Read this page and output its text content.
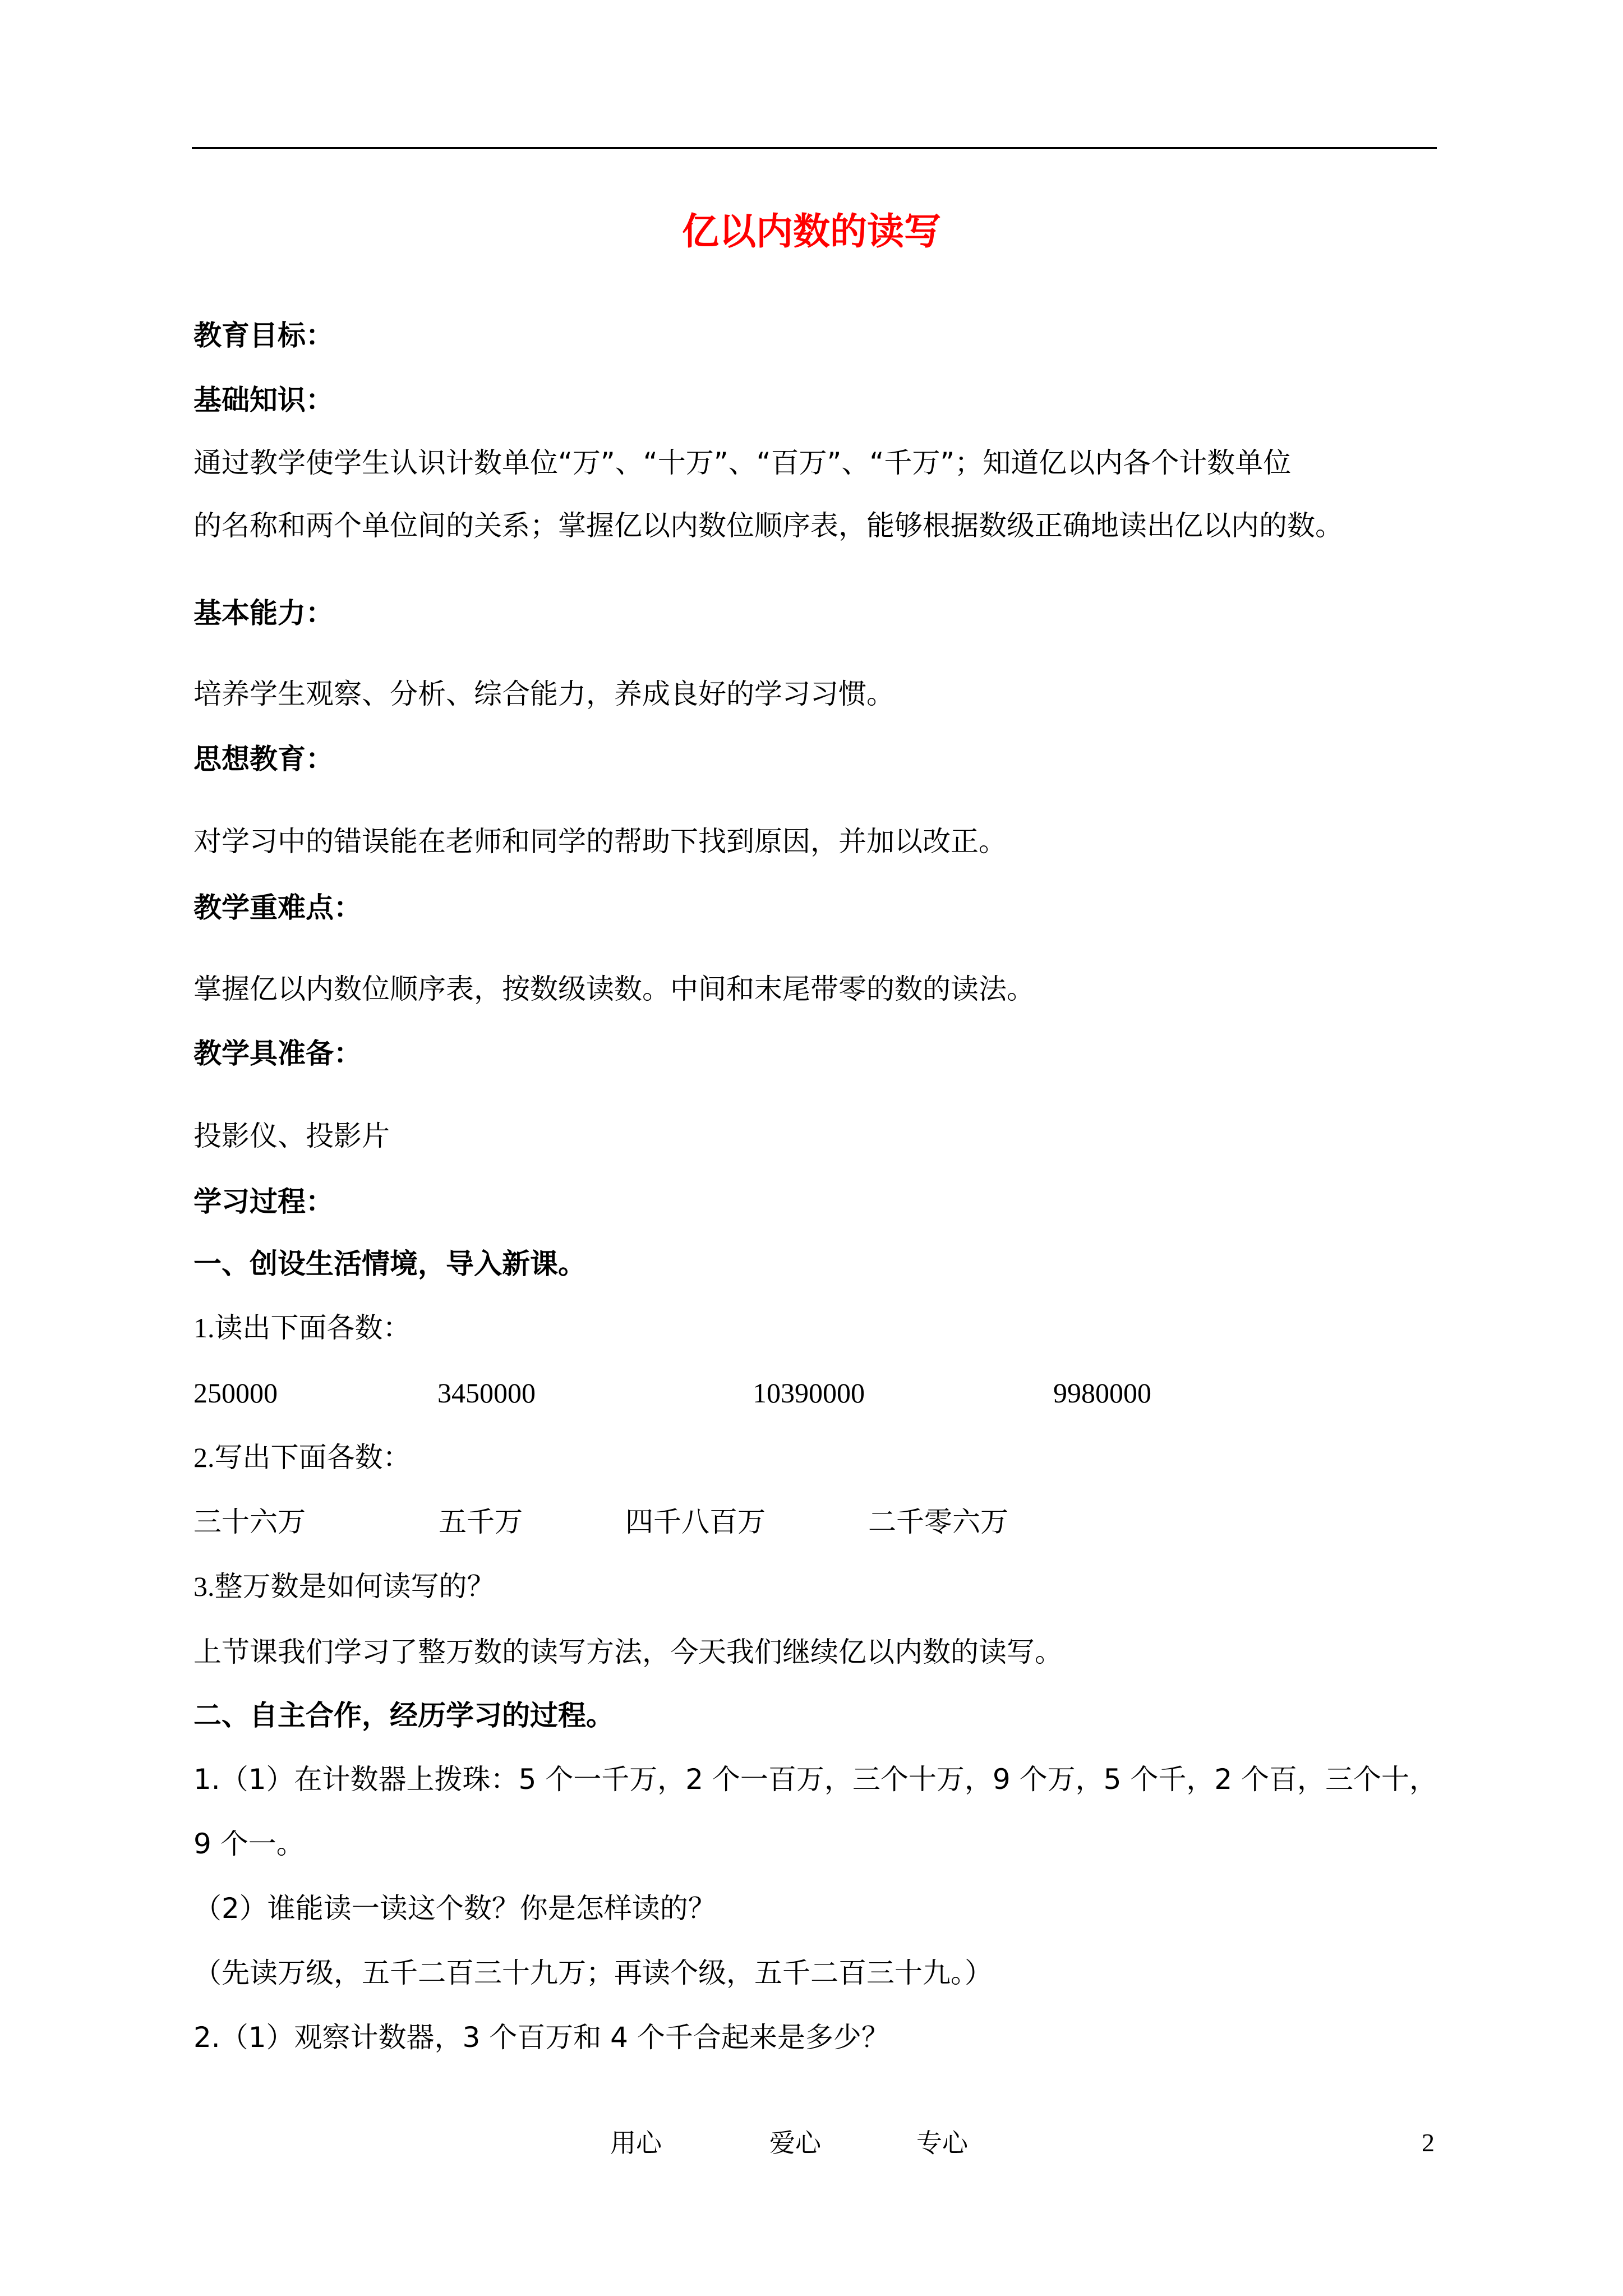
亿以内数的读写
教育目标：
基础知识：
通过教学使学生认识计数单位“万”、“十万”、“百万”、“千万”；知道亿以内各个计数单位
的名称和两个单位间的关系；掌握亿以内数位顺序表，能够根据数级正确地读出亿以内的数。
基本能力：
培养学生观察、分析、综合能力，养成良好的学习习惯。
思想教育：
对学习中的错误能在老师和同学的帮助下找到原因，并加以改正。
教学重难点：
掌握亿以内数位顺序表，按数级读数。中间和末尾带零的数的读法。
教学具准备：
投影仪、投影片
学习过程：
一、创设生活情境，导入新课。
1.读出下面各数：
250000	3450000	10390000	9980000
2.写出下面各数：
三十六万	五千万	四千八百万	二千零六万
3.整万数是如何读写的？
上节课我们学习了整万数的读写方法，今天我们继续亿以内数的读写。
二、自主合作，经历学习的过程。
1.（1）在计数器上拨珠：5 个一千万，2 个一百万，三个十万，9 个万，5 个千，2 个百，三个十，
9 个一。
（2）谁能读一读这个数？你是怎样读的？
（先读万级，五千二百三十九万；再读个级，五千二百三十九。）
2.（1）观察计数器，3 个百万和 4 个千合起来是多少？
用心	爱心	专心	2
